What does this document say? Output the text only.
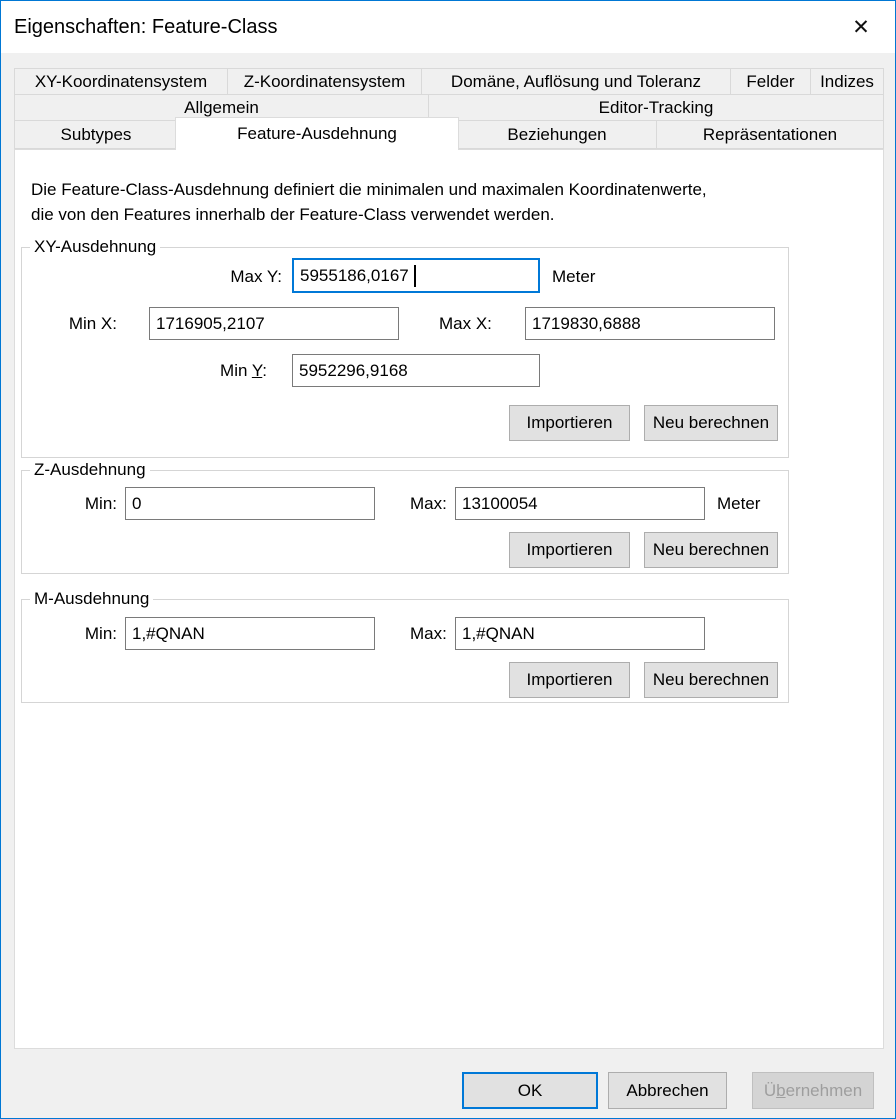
Eigenschaften: Feature-Class	✕
XY-Koordinatensystem	Z-Koordinatensystem	Domäne, Auflösung und Toleranz	Felder	Indizes
Allgemein	Editor-Tracking
Subtypes	Feature-Ausdehnung	Beziehungen	Repräsentationen
Die Feature-Class-Ausdehnung definiert die minimalen und maximalen Koordinatenwerte,
die von den Features innerhalb der Feature-Class verwendet werden.
XY-Ausdehnung
Max Y:
5955186,0167	Meter
Min X:
1716905,2107	Max X:
1719830,6888
Min Y:
5952296,9168
Importieren	Neu berechnen
Z-Ausdehnung
Min:
0	Max:
13100054	Meter
Importieren	Neu berechnen
M-Ausdehnung
Min:
1,#QNAN	Max:
1,#QNAN
Importieren	Neu berechnen
OK	Abbrechen	Ü b ernehmen
